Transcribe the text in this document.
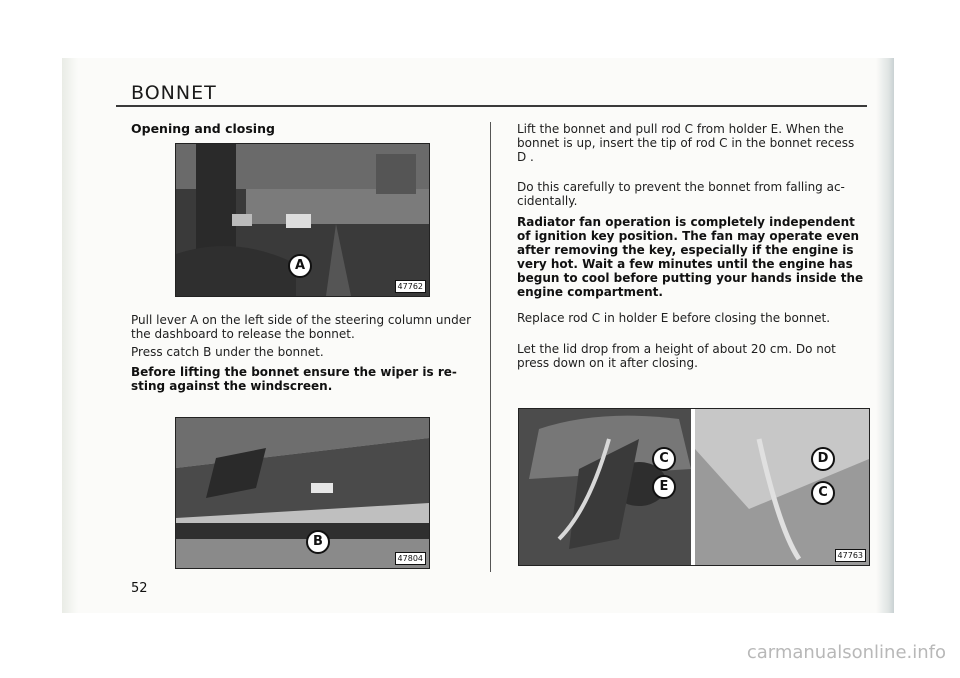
BONNET
Opening and closing
A
47762

Pull lever A on the left side of the steering column under the dashboard to release the bonnet.

Press catch B under the bonnet.

Before lifting the bonnet ensure the wiper is re-sting against the windscreen.

B
47804

52

Lift the bonnet and pull rod C from holder E. When the bonnet is up, insert the tip of rod C in the bonnet recess D .

Do this carefully to prevent the bonnet from falling ac-cidentally.

Radiator fan operation is completely independent of ignition key position. The fan may operate even after removing the key, especially if the engine is very hot. Wait a few minutes until the engine has begun to cool before putting your hands inside the engine compartment.

Replace rod C in holder E before closing the bonnet.

Let the lid drop from a height of about 20 cm. Do not press down on it after closing.

C
E
D
C
47763
carmanualsonline.info
